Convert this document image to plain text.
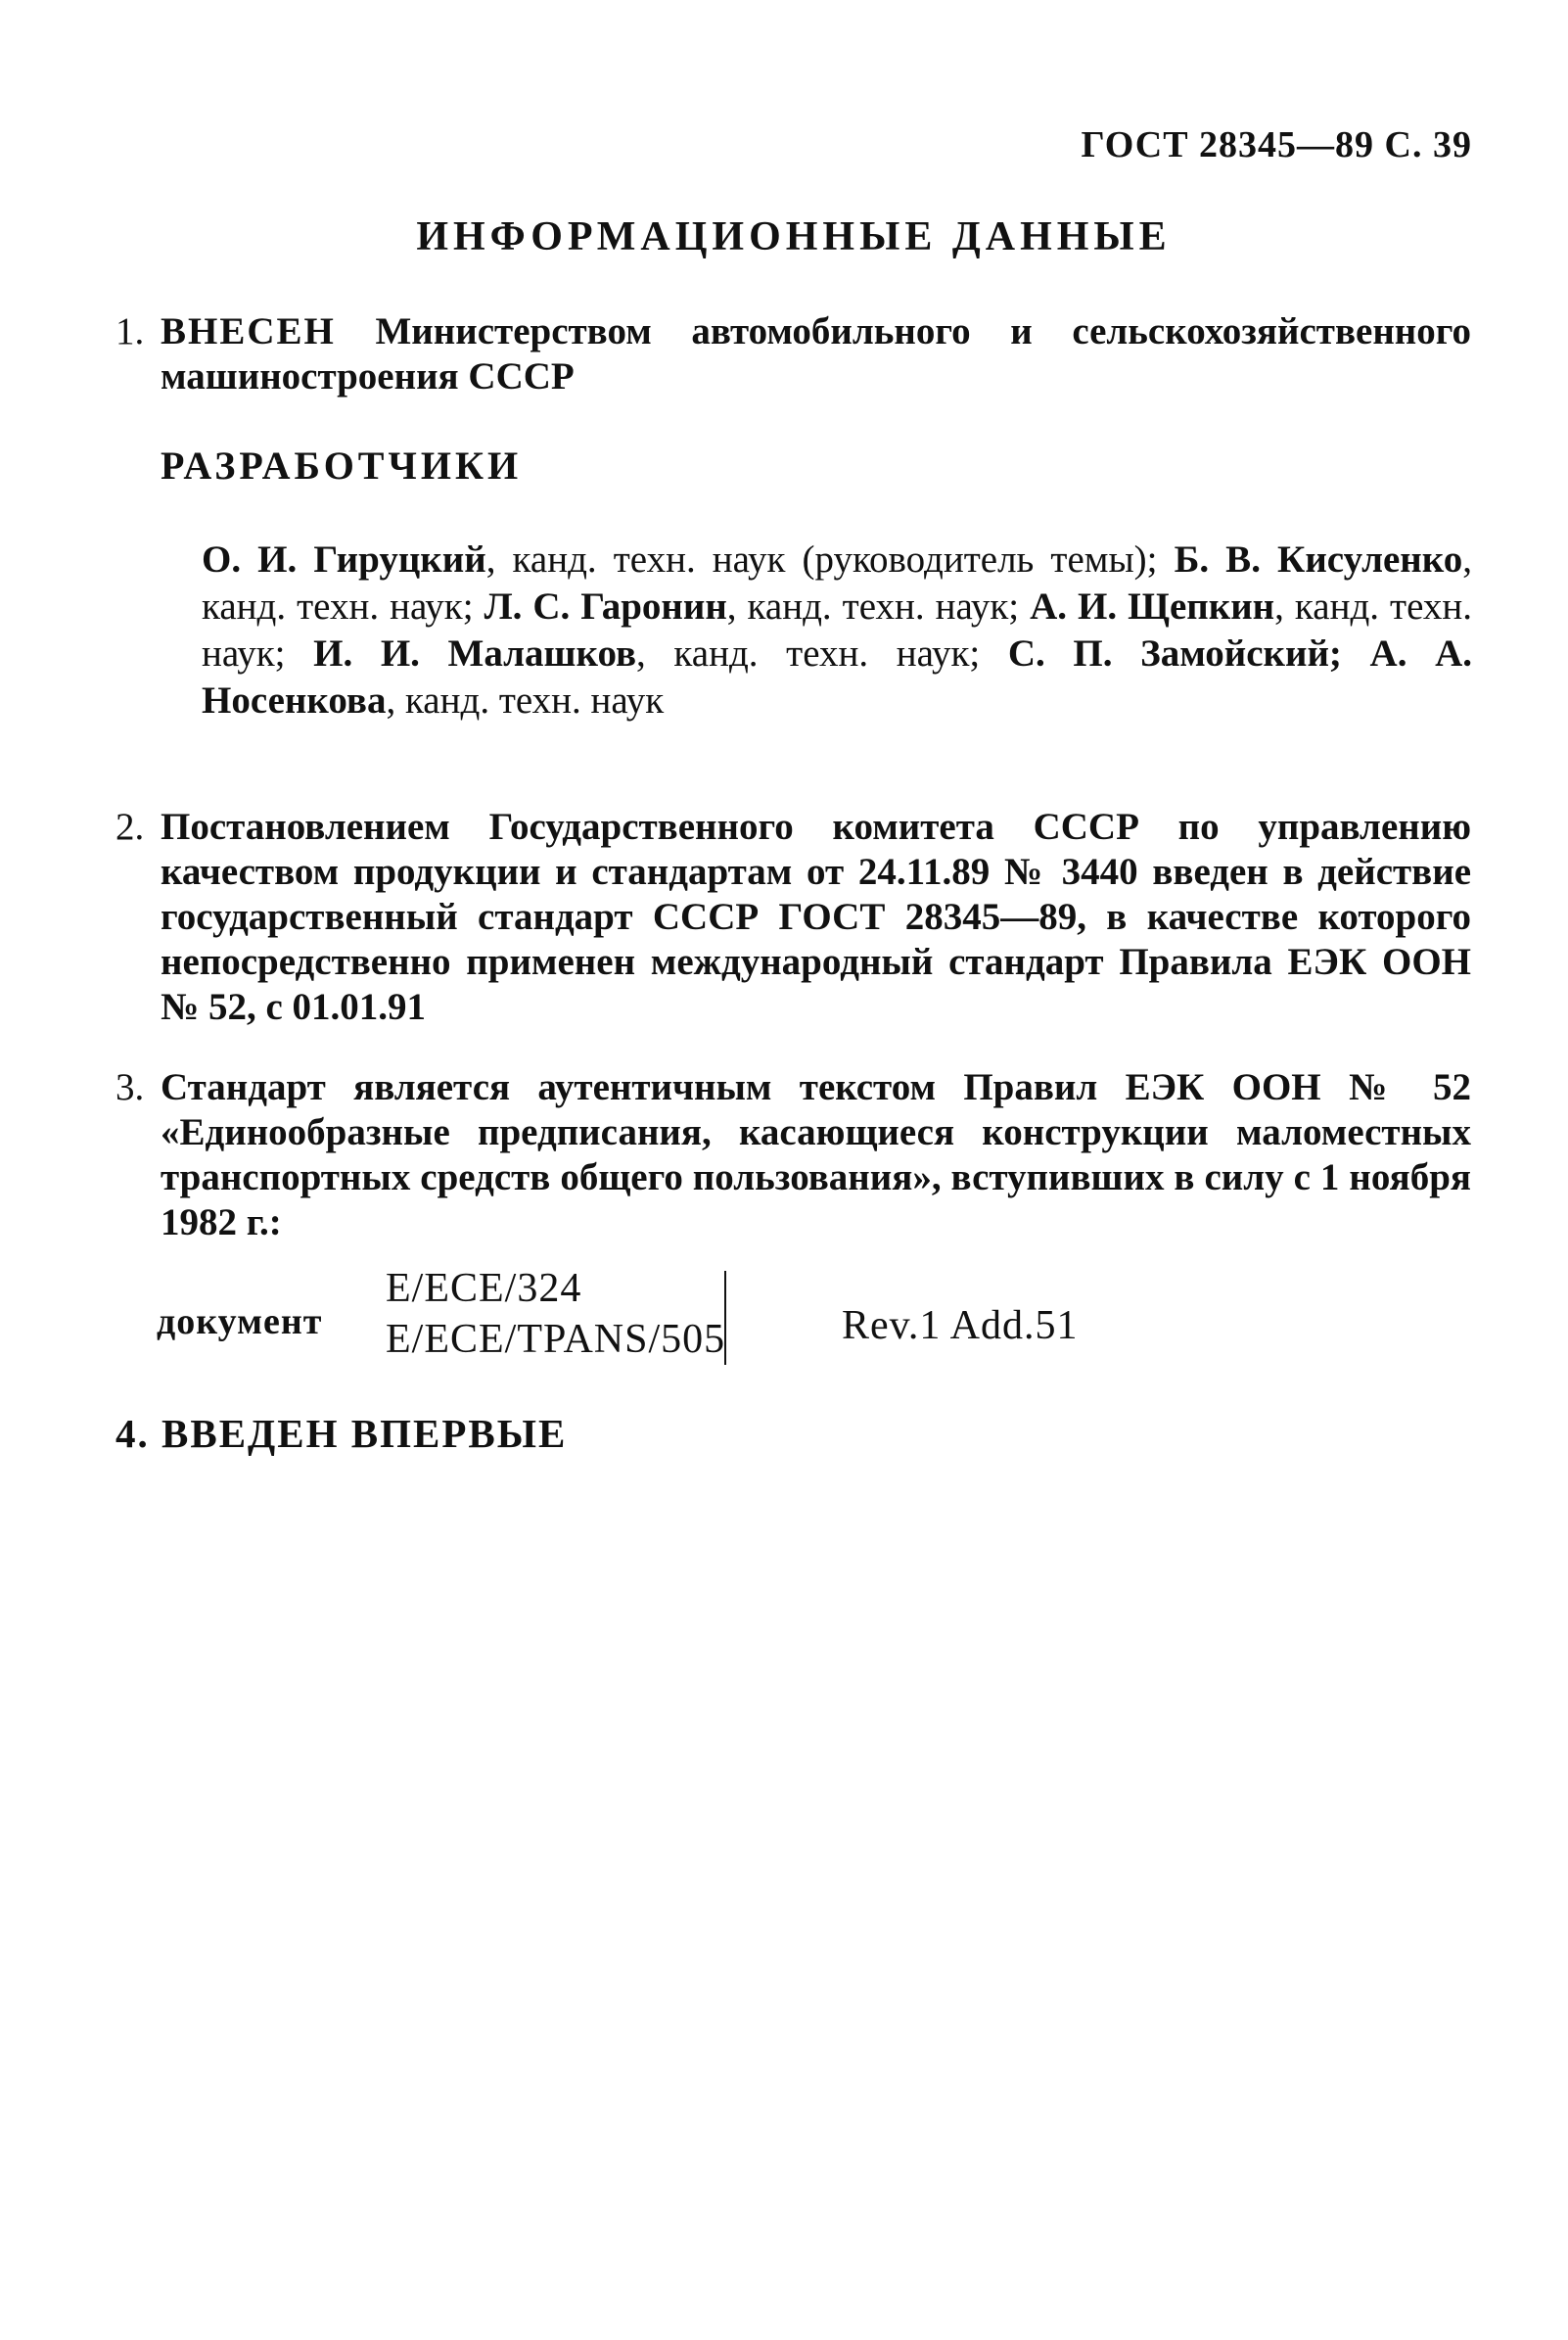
ГОСТ 28345—89 С. 39
ИНФОРМАЦИОННЫЕ ДАННЫЕ
1. ВНЕСЕН Министерством автомобильного и сельскохозяйственного машиностроения СССР
РАЗРАБОТЧИКИ
О. И. Гируцкий, канд. техн. наук (руководитель темы); Б. В. Кисуленко, канд. техн. наук; Л. С. Гаронин, канд. техн. наук; А. И. Щепкин, канд. техн. наук; И. И. Малашков, канд. техн. наук; С. П. Замойский; А. А. Носенкова, канд. техн. наук
2. Постановлением Государственного комитета СССР по управлению качеством продукции и стандартам от 24.11.89 № 3440 введен в действие государственный стандарт СССР ГОСТ 28345—89, в качестве которого непосредственно применен международный стандарт Правила ЕЭК ООН № 52, с 01.01.91
3. Стандарт является аутентичным текстом Правил ЕЭК ООН № 52 «Единообразные предписания, касающиеся конструкции маломестных транспортных средств общего пользования», вступивших в силу с 1 ноября 1982 г.:
документ
E/ECE/324
E/ECE/TPANS/505	Rev.1 Add.51
4. ВВЕДЕН ВПЕРВЫЕ
